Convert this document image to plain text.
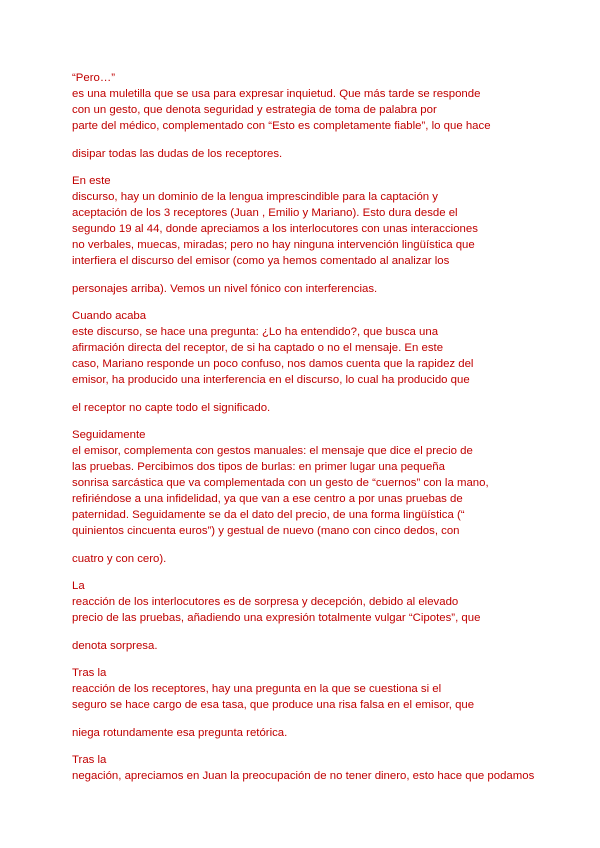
“Pero…”
es una muletilla que se usa para expresar inquietud. Que más tarde se responde
con un gesto, que denota seguridad y estrategia de toma de palabra por
parte del médico, complementado con “Esto es completamente fiable”, lo que hace
disipar todas las dudas de los receptores.
En este
discurso, hay un dominio de la lengua imprescindible para la captación y
aceptación de los 3 receptores (Juan , Emilio y Mariano). Esto dura desde el
segundo 19 al 44, donde apreciamos a los interlocutores con unas interacciones
no verbales, muecas, miradas; pero no hay ninguna intervención lingüística que
interfiera el discurso del emisor (como ya hemos comentado al analizar los
personajes arriba). Vemos un nivel fónico con interferencias.
Cuando acaba
este discurso, se hace una pregunta: ¿Lo ha entendido?, que busca una
afirmación directa del receptor, de si ha captado o no el mensaje. En este
caso, Mariano responde un poco confuso, nos damos cuenta que la rapidez del
emisor, ha producido una interferencia en el discurso, lo cual ha producido que
el receptor no capte todo el significado.
Seguidamente
el emisor, complementa con gestos manuales: el mensaje que dice el precio de
las pruebas. Percibimos dos tipos de burlas: en primer lugar una pequeña
sonrisa sarcástica que va complementada con un gesto de “cuernos” con la mano,
refiriéndose a una infidelidad, ya que van a ese centro a por unas pruebas de
paternidad. Seguidamente se da el dato del precio, de una forma lingüística (“
quinientos cincuenta euros”) y gestual de nuevo (mano con cinco dedos, con
cuatro y con cero).
La
reacción de los interlocutores es de sorpresa y decepción, debido al elevado
precio de las pruebas, añadiendo una expresión totalmente vulgar “Cipotes”, que
denota sorpresa.
Tras la
reacción de los receptores, hay una pregunta en la que se cuestiona si el
seguro se hace cargo de esa tasa, que produce una risa falsa en el emisor, que
niega rotundamente esa pregunta retórica.
Tras la
negación, apreciamos en Juan la preocupación de no tener dinero, esto hace que podamos
